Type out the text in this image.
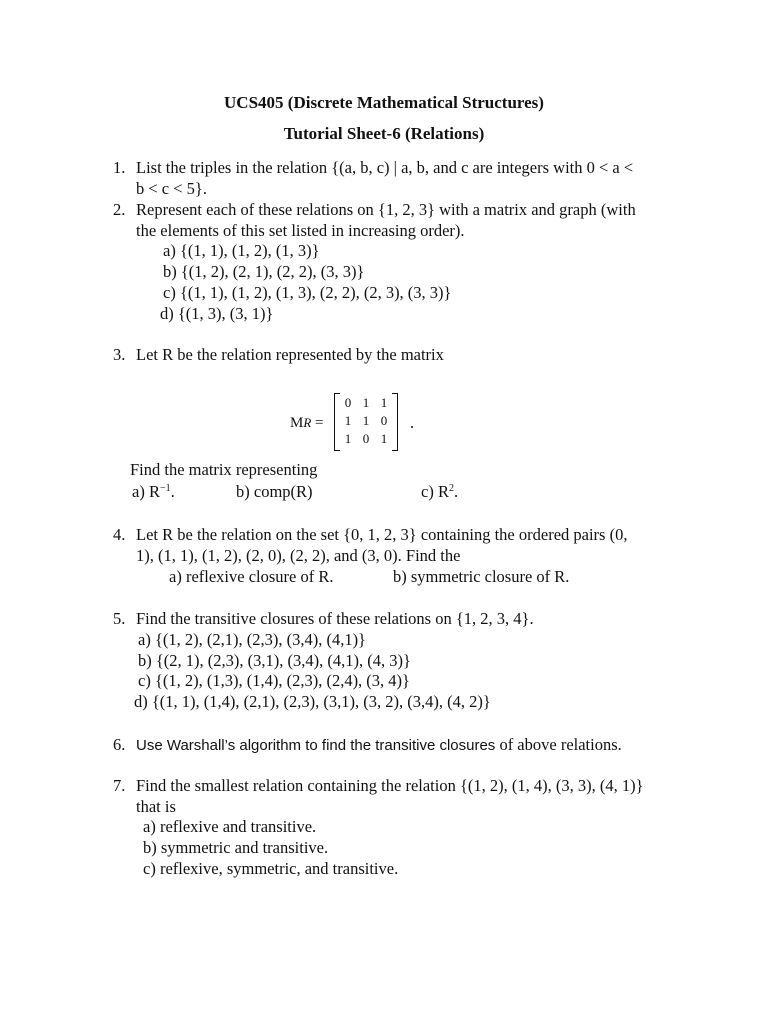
UCS405 (Discrete Mathematical Structures)
Tutorial Sheet-6 (Relations)
1. List the triples in the relation {(a, b, c) | a, b, and c are integers with 0 < a <
b < c < 5}.
2. Represent each of these relations on {1, 2, 3} with a matrix and graph (with
the elements of this set listed in increasing order).
a) {(1, 1), (1, 2), (1, 3)}
b) {(1, 2), (2, 1), (2, 2), (3, 3)}
c) {(1, 1), (1, 2), (1, 3), (2, 2), (2, 3), (3, 3)}
d) {(1, 3), (3, 1)}
3. Let R be the relation represented by the matrix
MR =
0 1 1
1 1 0
1 0 1
.
Find the matrix representing
a) $R^{-1}$.	b) comp(R)	c) $R^2$.
4. Let R be the relation on the set {0, 1, 2, 3} containing the ordered pairs (0,
1), (1, 1), (1, 2), (2, 0), (2, 2), and (3, 0). Find the
a) reflexive closure of R.	b) symmetric closure of R.
5. Find the transitive closures of these relations on {1, 2, 3, 4}.
a) {(1, 2), (2,1), (2,3), (3,4), (4,1)}
b) {(2, 1), (2,3), (3,1), (3,4), (4,1), (4, 3)}
c) {(1, 2), (1,3), (1,4), (2,3), (2,4), (3, 4)}
d) {(1, 1), (1,4), (2,1), (2,3), (3,1), (3, 2), (3,4), (4, 2)}
6. Use Warshall’s algorithm to find the transitive closures of above relations.
7. Find the smallest relation containing the relation {(1, 2), (1, 4), (3, 3), (4, 1)}
that is
a) reflexive and transitive.
b) symmetric and transitive.
c) reflexive, symmetric, and transitive.
